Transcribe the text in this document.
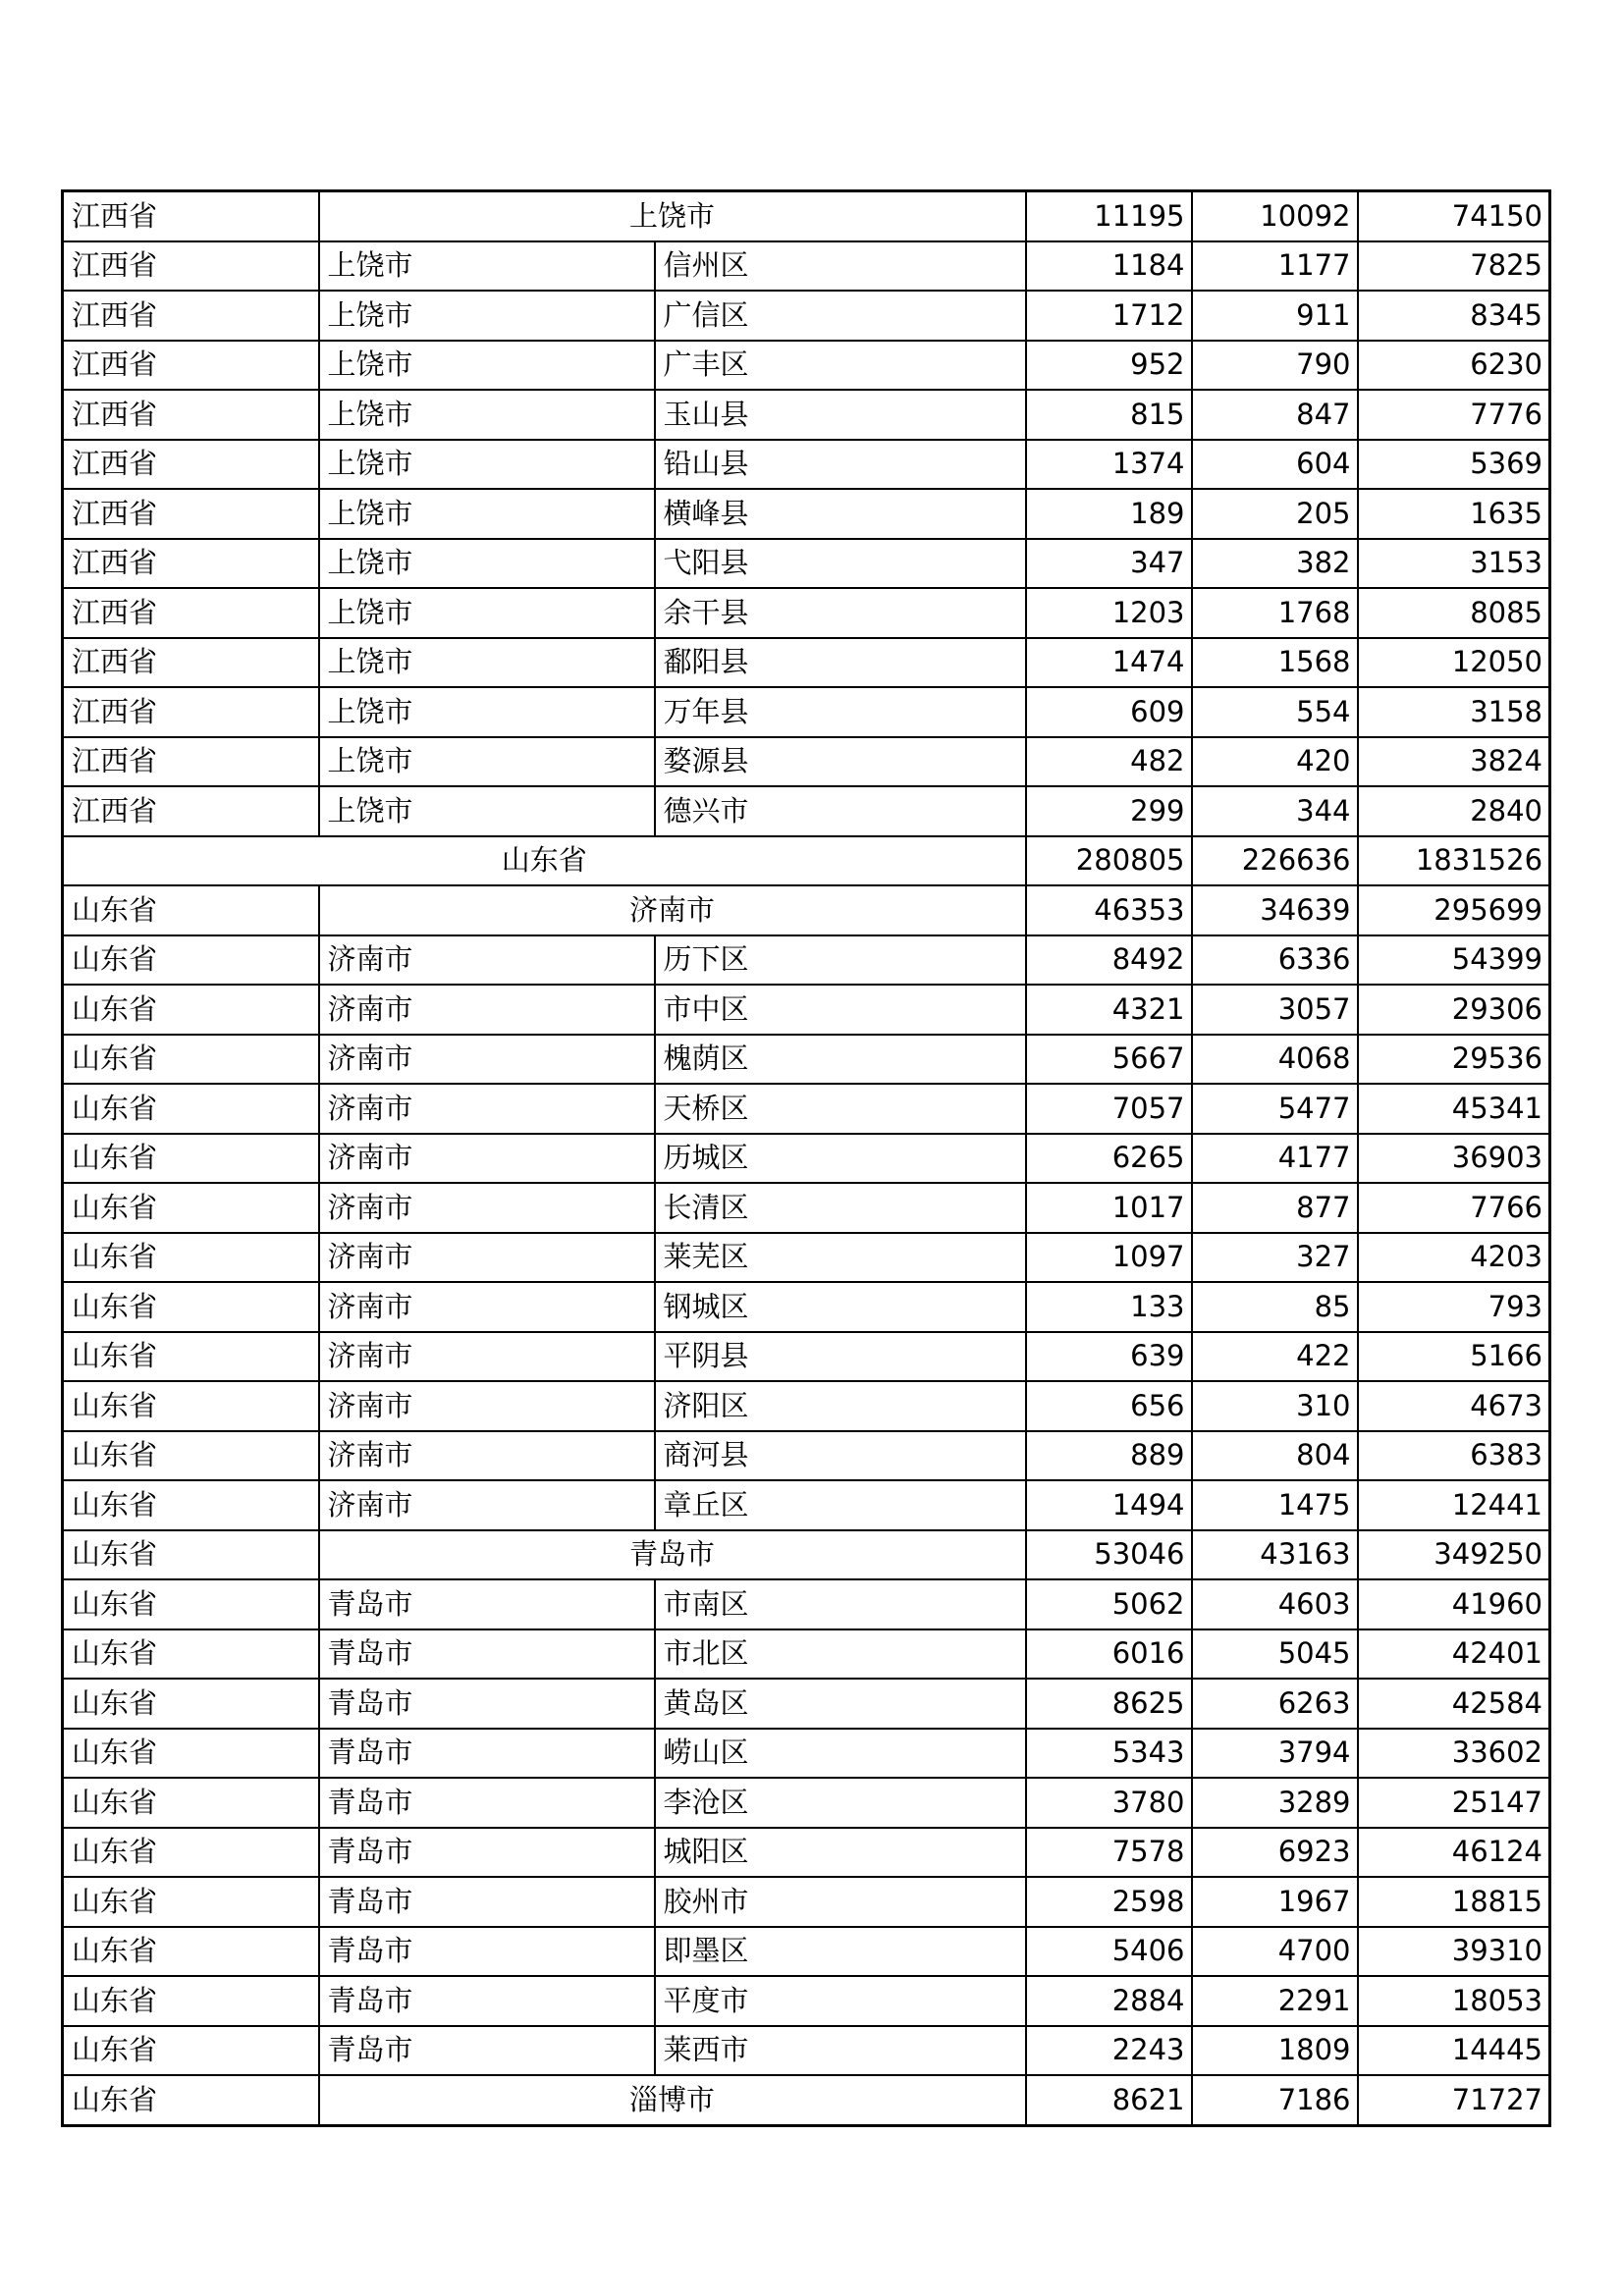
江西省	上饶市		11195	10092	74150
江西省	上饶市	信州区	1184	1177	7825
江西省	上饶市	广信区	1712	911	8345
江西省	上饶市	广丰区	952	790	6230
江西省	上饶市	玉山县	815	847	7776
江西省	上饶市	铅山县	1374	604	5369
江西省	上饶市	横峰县	189	205	1635
江西省	上饶市	弋阳县	347	382	3153
江西省	上饶市	余干县	1203	1768	8085
江西省	上饶市	鄱阳县	1474	1568	12050
江西省	上饶市	万年县	609	554	3158
江西省	上饶市	婺源县	482	420	3824
江西省	上饶市	德兴市	299	344	2840
山东省			280805	226636	1831526
山东省	济南市		46353	34639	295699
山东省	济南市	历下区	8492	6336	54399
山东省	济南市	市中区	4321	3057	29306
山东省	济南市	槐荫区	5667	4068	29536
山东省	济南市	天桥区	7057	5477	45341
山东省	济南市	历城区	6265	4177	36903
山东省	济南市	长清区	1017	877	7766
山东省	济南市	莱芜区	1097	327	4203
山东省	济南市	钢城区	133	85	793
山东省	济南市	平阴县	639	422	5166
山东省	济南市	济阳区	656	310	4673
山东省	济南市	商河县	889	804	6383
山东省	济南市	章丘区	1494	1475	12441
山东省	青岛市		53046	43163	349250
山东省	青岛市	市南区	5062	4603	41960
山东省	青岛市	市北区	6016	5045	42401
山东省	青岛市	黄岛区	8625	6263	42584
山东省	青岛市	崂山区	5343	3794	33602
山东省	青岛市	李沧区	3780	3289	25147
山东省	青岛市	城阳区	7578	6923	46124
山东省	青岛市	胶州市	2598	1967	18815
山东省	青岛市	即墨区	5406	4700	39310
山东省	青岛市	平度市	2884	2291	18053
山东省	青岛市	莱西市	2243	1809	14445
山东省	淄博市		8621	7186	71727
